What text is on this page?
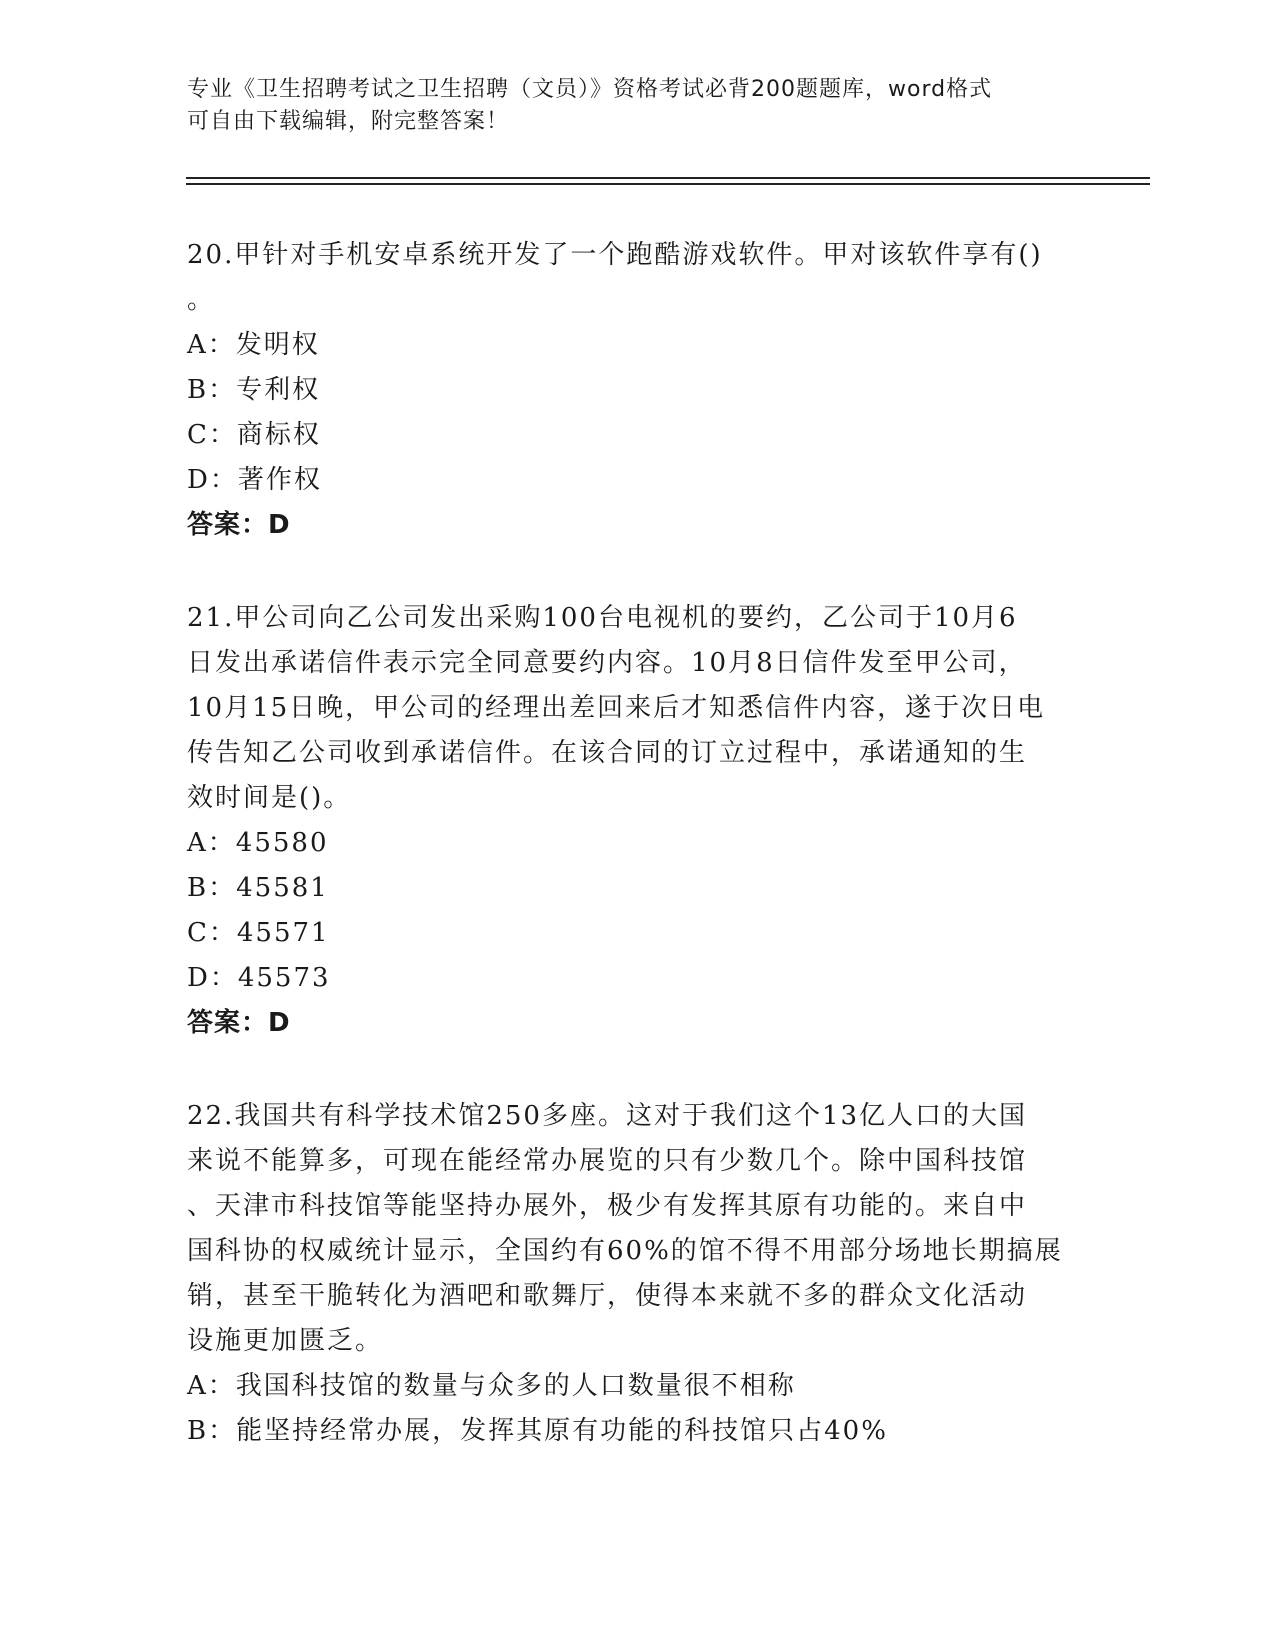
专业《卫生招聘考试之卫生招聘（文员）》资格考试必背200题题库，word格式
可自由下载编辑，附完整答案！
20.甲针对手机安卓系统开发了一个跑酷游戏软件。甲对该软件享有()
。
A：发明权
B：专利权
C：商标权
D：著作权
答案：D
21.甲公司向乙公司发出采购100台电视机的要约，乙公司于10月6
日发出承诺信件表示完全同意要约内容。10月8日信件发至甲公司，
10月15日晚，甲公司的经理出差回来后才知悉信件内容，遂于次日电
传告知乙公司收到承诺信件。在该合同的订立过程中，承诺通知的生
效时间是()。
A：45580
B：45581
C：45571
D：45573
答案：D
22.我国共有科学技术馆250多座。这对于我们这个13亿人口的大国
来说不能算多，可现在能经常办展览的只有少数几个。除中国科技馆
、天津市科技馆等能坚持办展外，极少有发挥其原有功能的。来自中
国科协的权威统计显示，全国约有60%的馆不得不用部分场地长期搞展
销，甚至干脆转化为酒吧和歌舞厅，使得本来就不多的群众文化活动
设施更加匮乏。
A：我国科技馆的数量与众多的人口数量很不相称
B：能坚持经常办展，发挥其原有功能的科技馆只占40%
